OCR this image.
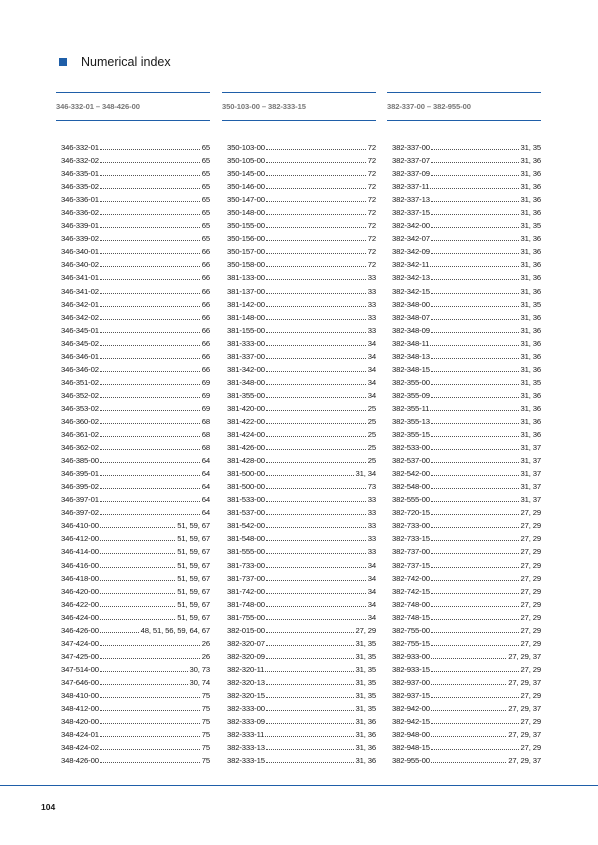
Numerical index
346-332-01 – 348-426-00
346-332-01	65
346-332-02	65
346-335-01	65
346-335-02	65
346-336-01	65
346-336-02	65
346-339-01	65
346-339-02	65
346-340-01	66
346-340-02	66
346-341-01	66
346-341-02	66
346-342-01	66
346-342-02	66
346-345-01	66
346-345-02	66
346-346-01	66
346-346-02	66
346-351-02	69
346-352-02	69
346-353-02	69
346-360-02	68
346-361-02	68
346-362-02	68
346-385-00	64
346-395-01	64
346-395-02	64
346-397-01	64
346-397-02	64
346-410-00	51, 59, 67
346-412-00	51, 59, 67
346-414-00	51, 59, 67
346-416-00	51, 59, 67
346-418-00	51, 59, 67
346-420-00	51, 59, 67
346-422-00	51, 59, 67
346-424-00	51, 59, 67
346-426-00	48, 51, 56, 59, 64, 67
347-424-00	26
347-425-00	26
347-514-00	30, 73
347-646-00	30, 74
348-410-00	75
348-412-00	75
348-420-00	75
348-424-01	75
348-424-02	75
348-426-00	75
350-103-00 – 382-333-15
350-103-00	72
350-105-00	72
350-145-00	72
350-146-00	72
350-147-00	72
350-148-00	72
350-155-00	72
350-156-00	72
350-157-00	72
350-158-00	72
381-133-00	33
381-137-00	33
381-142-00	33
381-148-00	33
381-155-00	33
381-333-00	34
381-337-00	34
381-342-00	34
381-348-00	34
381-355-00	34
381-420-00	25
381-422-00	25
381-424-00	25
381-426-00	25
381-428-00	25
381-500-00	31, 34
381-500-00	73
381-533-00	33
381-537-00	33
381-542-00	33
381-548-00	33
381-555-00	33
381-733-00	34
381-737-00	34
381-742-00	34
381-748-00	34
381-755-00	34
382-015-00	27, 29
382-320-07	31, 35
382-320-09	31, 35
382-320-11	31, 35
382-320-13	31, 35
382-320-15	31, 35
382-333-00	31, 35
382-333-09	31, 36
382-333-11	31, 36
382-333-13	31, 36
382-333-15	31, 36
382-337-00 – 382-955-00
382-337-00	31, 35
382-337-07	31, 36
382-337-09	31, 36
382-337-11	31, 36
382-337-13	31, 36
382-337-15	31, 36
382-342-00	31, 35
382-342-07	31, 36
382-342-09	31, 36
382-342-11	31, 36
382-342-13	31, 36
382-342-15	31, 36
382-348-00	31, 35
382-348-07	31, 36
382-348-09	31, 36
382-348-11	31, 36
382-348-13	31, 36
382-348-15	31, 36
382-355-00	31, 35
382-355-09	31, 36
382-355-11	31, 36
382-355-13	31, 36
382-355-15	31, 36
382-533-00	31, 37
382-537-00	31, 37
382-542-00	31, 37
382-548-00	31, 37
382-555-00	31, 37
382-720-15	27, 29
382-733-00	27, 29
382-733-15	27, 29
382-737-00	27, 29
382-737-15	27, 29
382-742-00	27, 29
382-742-15	27, 29
382-748-00	27, 29
382-748-15	27, 29
382-755-00	27, 29
382-755-15	27, 29
382-933-00	27, 29, 37
382-933-15	27, 29
382-937-00	27, 29, 37
382-937-15	27, 29
382-942-00	27, 29, 37
382-942-15	27, 29
382-948-00	27, 29, 37
382-948-15	27, 29
382-955-00	27, 29, 37
104
